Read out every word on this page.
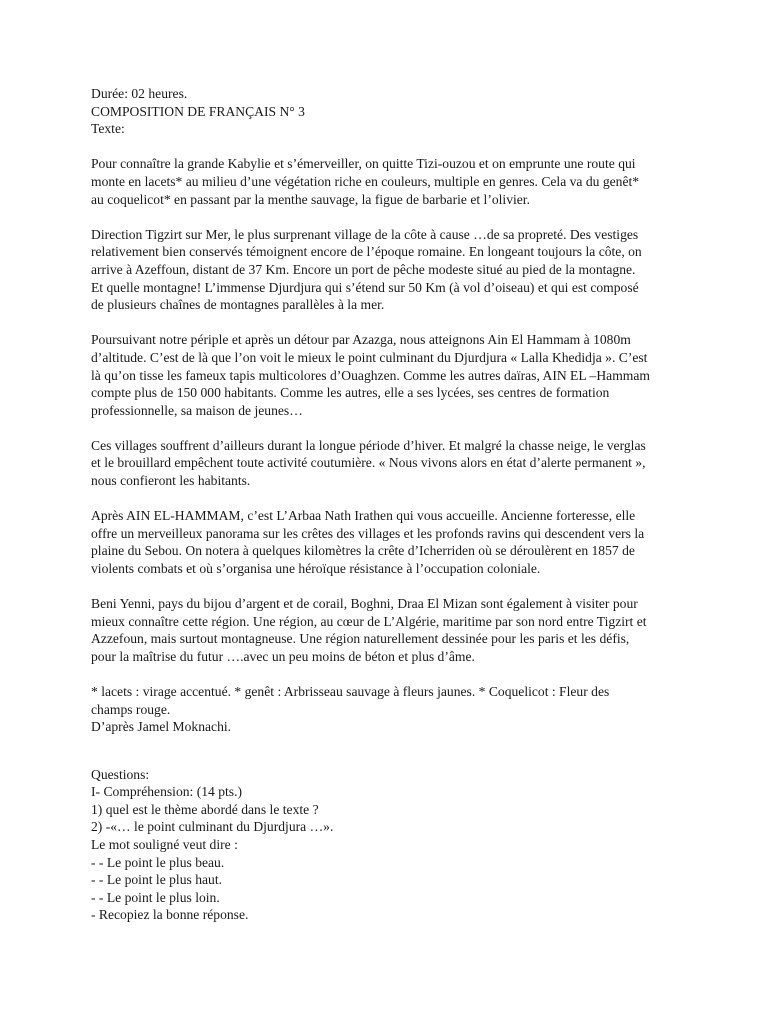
Durée: 02 heures.
COMPOSITION DE FRANÇAIS N° 3
Texte:
Pour connaître la grande Kabylie et s’émerveiller, on quitte Tizi-ouzou et on emprunte une route qui
monte en lacets* au milieu d’une végétation riche en couleurs, multiple en genres. Cela va du genêt*
au coquelicot* en passant par la menthe sauvage, la figue de barbarie et l’olivier.
Direction Tigzirt sur Mer, le plus surprenant village de la côte à cause …de sa propreté. Des vestiges
relativement bien conservés témoignent encore de l’époque romaine. En longeant toujours la côte, on
arrive à Azeffoun, distant de 37 Km. Encore un port de pêche modeste situé au pied de la montagne.
Et quelle montagne! L’immense Djurdjura qui s’étend sur 50 Km (à vol d’oiseau) et qui est composé
de plusieurs chaînes de montagnes parallèles à la mer.
Poursuivant notre périple et après un détour par Azazga, nous atteignons Ain El Hammam à 1080m
d’altitude. C’est de là que l’on voit le mieux le point culminant du Djurdjura « Lalla Khedidja ». C’est
là qu’on tisse les fameux tapis multicolores d’Ouaghzen. Comme les autres daïras, AIN EL –Hammam
compte plus de 150 000 habitants. Comme les autres, elle a ses lycées, ses centres de formation
professionnelle, sa maison de jeunes…
Ces villages souffrent d’ailleurs durant la longue période d’hiver. Et malgré la chasse neige, le verglas
et le brouillard empêchent toute activité coutumière. « Nous vivons alors en état d’alerte permanent »,
nous confieront les habitants.
Après AIN EL-HAMMAM, c’est L’Arbaa Nath Irathen qui vous accueille. Ancienne forteresse, elle
offre un merveilleux panorama sur les crêtes des villages et les profonds ravins qui descendent vers la
plaine du Sebou. On notera à quelques kilomètres la crête d’Icherriden où se déroulèrent en 1857 de
violents combats et où s’organisa une héroïque résistance à l’occupation coloniale.
Beni Yenni, pays du bijou d’argent et de corail, Boghni, Draa El Mizan sont également à visiter pour
mieux connaître cette région. Une région, au cœur de L’Algérie, maritime par son nord entre Tigzirt et
Azzefoun, mais surtout montagneuse. Une région naturellement dessinée pour les paris et les défis,
pour la maîtrise du futur ….avec un peu moins de béton et plus d’âme.
* lacets : virage accentué. * genêt : Arbrisseau sauvage à fleurs jaunes. * Coquelicot : Fleur des
champs rouge.
D’après Jamel Moknachi.
Questions:
I- Compréhension: (14 pts.)
1) quel est le thème abordé dans le texte ?
2) -«… le point culminant du Djurdjura …».
Le mot souligné veut dire :
- - Le point le plus beau.
- - Le point le plus haut.
- - Le point le plus loin.
- Recopiez la bonne réponse.
